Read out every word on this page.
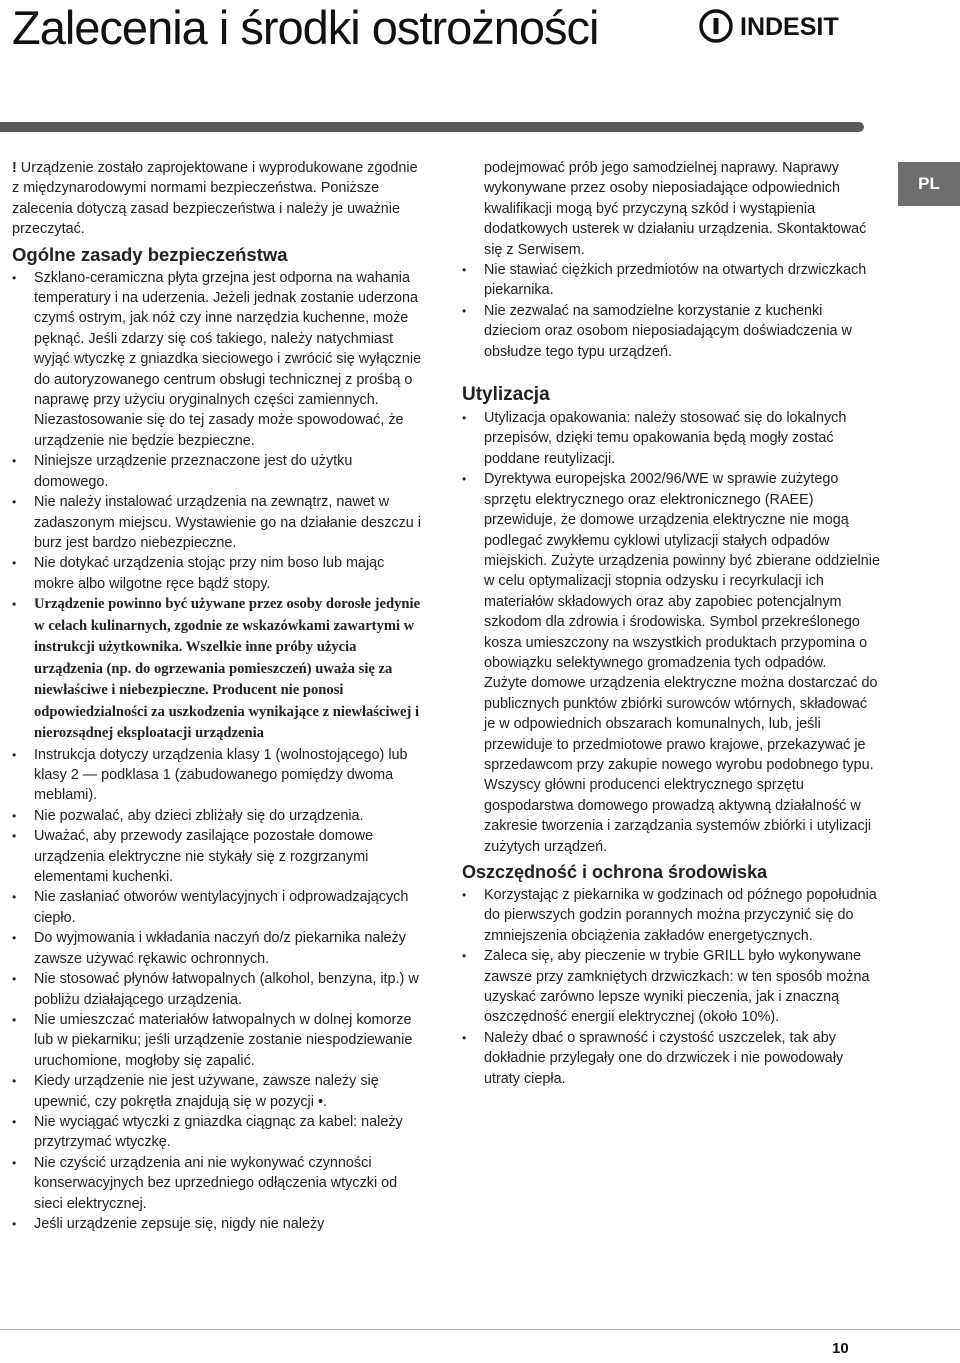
Zalecenia i środki ostrożności	INDESIT
PL

! Urządzenie zostało zaprojektowane i wyprodukowane zgodnie z międzynarodowymi normami bezpieczeństwa. Poniższe zalecenia dotyczą zasad bezpieczeństwa i należy je uważnie przeczytać.

Ogólne zasady bezpieczeństwa
• Szklano-ceramiczna płyta grzejna jest odporna na wahania temperatury i na uderzenia. Jeżeli jednak zostanie uderzona czymś ostrym, jak nóż czy inne narzędzia kuchenne, może pęknąć. Jeśli zdarzy się coś takiego, należy natychmiast wyjąć wtyczkę z gniazdka sieciowego i zwrócić się wyłącznie do autoryzowanego centrum obsługi technicznej z prośbą o naprawę przy użyciu oryginalnych części zamiennych. Niezastosowanie się do tej zasady może spowodować, że urządzenie nie będzie bezpieczne.
• Niniejsze urządzenie przeznaczone jest do użytku domowego.
• Nie należy instalować urządzenia na zewnątrz, nawet w zadaszonym miejscu. Wystawienie go na działanie deszczu i burz jest bardzo niebezpieczne.
• Nie dotykać urządzenia stojąc przy nim boso lub mając mokre albo wilgotne ręce bądź stopy.
• Urządzenie powinno być używane przez osoby dorosłe jedynie w celach kulinarnych, zgodnie ze wskazówkami zawartymi w instrukcji użytkownika. Wszelkie inne próby użycia urządzenia (np. do ogrzewania pomieszczeń) uważa się za niewłaściwe i niebezpieczne. Producent nie ponosi odpowiedzialności za uszkodzenia wynikające z niewłaściwej i nierozsądnej eksploatacji urządzenia
• Instrukcja dotyczy urządzenia klasy 1 (wolnostojącego) lub klasy 2 — podklasa 1 (zabudowanego pomiędzy dwoma meblami).
• Nie pozwalać, aby dzieci zbliżały się do urządzenia.
• Uważać, aby przewody zasilające pozostałe domowe urządzenia elektryczne nie stykały się z rozgrzanymi elementami kuchenki.
• Nie zasłaniać otworów wentylacyjnych i odprowadzających ciepło.
• Do wyjmowania i wkładania naczyń do/z piekarnika należy zawsze używać rękawic ochronnych.
• Nie stosować płynów łatwopalnych (alkohol, benzyna, itp.) w pobliżu działającego urządzenia.
• Nie umieszczać materiałów łatwopalnych w dolnej komorze lub w piekarniku; jeśli urządzenie zostanie niespodziewanie uruchomione, mogłoby się zapalić.
• Kiedy urządzenie nie jest używane, zawsze należy się upewnić, czy pokrętła znajdują się w pozycji •.
• Nie wyciągać wtyczki z gniazdka ciągnąc za kabel: należy przytrzymać wtyczkę.
• Nie czyścić urządzenia ani nie wykonywać czynności konserwacyjnych bez uprzedniego odłączenia wtyczki od sieci elektrycznej.
• Jeśli urządzenie zepsuje się, nigdy nie należy

podejmować prób jego samodzielnej naprawy. Naprawy wykonywane przez osoby nieposiadające odpowiednich kwalifikacji mogą być przyczyną szkód i wystąpienia dodatkowych usterek w działaniu urządzenia. Skontaktować się z Serwisem.

• Nie stawiać ciężkich przedmiotów na otwartych drzwiczkach piekarnika.
• Nie zezwalać na samodzielne korzystanie z kuchenki dzieciom oraz osobom nieposiadającym doświadczenia w obsłudze tego typu urządzeń.
Utylizacja
• Utylizacja opakowania: należy stosować się do lokalnych przepisów, dzięki temu opakowania będą mogły zostać poddane reutylizacji.
• Dyrektywa europejska 2002/96/WE w sprawie zużytego sprzętu elektrycznego oraz elektronicznego (RAEE) przewiduje, że domowe urządzenia elektryczne nie mogą podlegać zwykłemu cyklowi utylizacji stałych odpadów miejskich. Zużyte urządzenia powinny być zbierane oddzielnie w celu optymalizacji stopnia odzysku i recyrkulacji ich materiałów składowych oraz aby zapobiec potencjalnym szkodom dla zdrowia i środowiska. Symbol przekreślonego kosza umieszczony na wszystkich produktach przypomina o obowiązku selektywnego gromadzenia tych odpadów.

Zużyte domowe urządzenia elektryczne można dostarczać do publicznych punktów zbiórki surowców wtórnych, składować je w odpowiednich obszarach komunalnych, lub, jeśli przewiduje to przedmiotowe prawo krajowe, przekazywać je sprzedawcom przy zakupie nowego wyrobu podobnego typu.

Wszyscy główni producenci elektrycznego sprzętu gospodarstwa domowego prowadzą aktywną działalność w zakresie tworzenia i zarządzania systemów zbiórki i utylizacji zużytych urządzeń.

Oszczędność i ochrona środowiska
• Korzystając z piekarnika w godzinach od późnego popołudnia do pierwszych godzin porannych można przyczynić się do zmniejszenia obciążenia zakładów energetycznych.
• Zaleca się, aby pieczenie w trybie GRILL było wykonywane zawsze przy zamkniętych drzwiczkach: w ten sposób można uzyskać zarówno lepsze wyniki pieczenia, jak i znaczną oszczędność energii elektrycznej (około 10%).
• Należy dbać o sprawność i czystość uszczelek, tak aby dokładnie przylegały one do drzwiczek i nie powodowały utraty ciepła.
10
